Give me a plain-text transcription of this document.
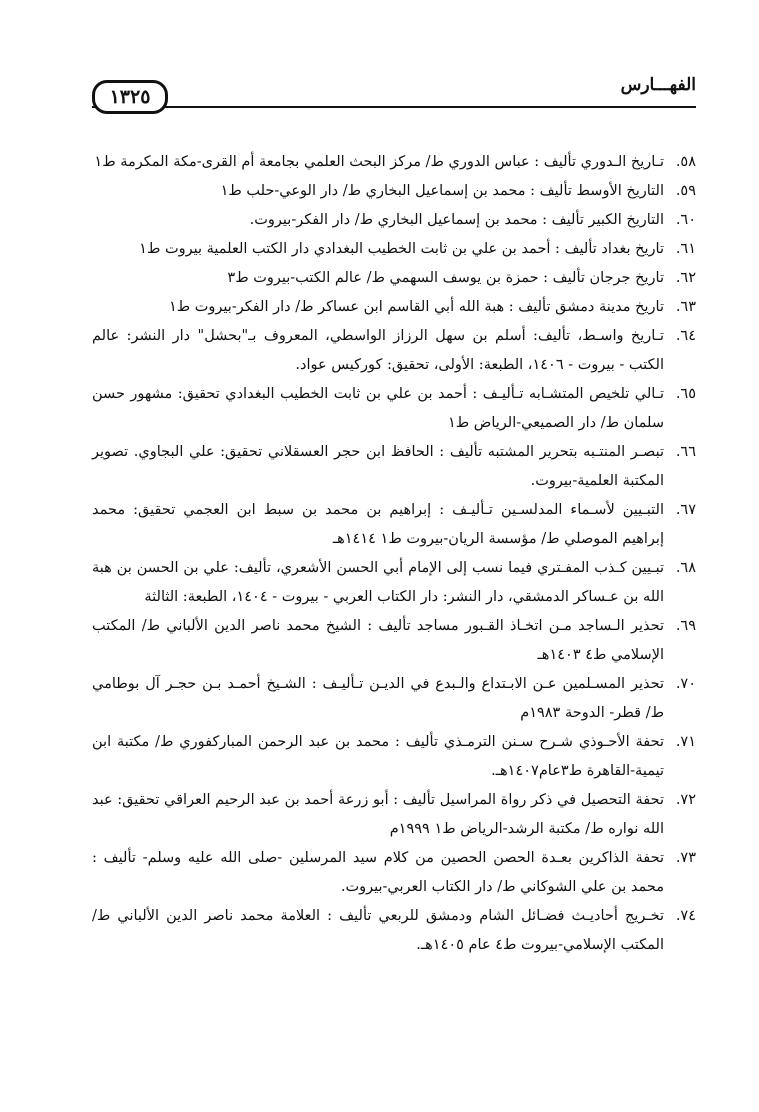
الفهـــارس
١٣٢٥
٥٨.
تـاريخ الـدوري تأليف : عباس الدوري ط/ مركز البحث العلمي بجامعة أم القرى-مكة المكرمة ط١
٥٩.
التاريخ الأوسط تأليف : محمد بن إسماعيل البخاري ط/ دار الوعي-حلب ط١
٦٠.
التاريخ الكبير تأليف : محمد بن إسماعيل البخاري ط/ دار الفكر-بيروت.
٦١.
تاريخ بغداد تأليف : أحمد بن علي بن ثابت الخطيب البغدادي دار الكتب العلمية بيروت ط١
٦٢.
تاريخ جرجان تأليف : حمزة بن يوسف السهمي ط/ عالم الكتب-بيروت ط٣
٦٣.
تاريخ مدينة دمشق تأليف : هبة الله أبي القاسم ابن عساكر ط/ دار الفكر-بيروت ط١
٦٤.
تـاريخ واسـط، تأليف: أسلم بن سهل الرزاز الواسطي، المعروف بـ"بحشل" دار النشر: عالم الكتب - بيروت - ١٤٠٦، الطبعة: الأولى، تحقيق: كوركيس عواد.
٦٥.
تـالي تلخيص المتشـابه تـأليـف : أحمد بن علي بن ثابت الخطيب البغدادي تحقيق: مشهور حسن سلمان ط/ دار الصميعي-الرياض ط١
٦٦.
تبصـر المنتـبه بتحرير المشتبه تأليف : الحافظ ابن حجر العسقلاني تحقيق: علي البجاوي. تصوير المكتبة العلمية-بيروت.
٦٧.
التبـيين لأسـماء المدلسـين تـأليـف : إبراهيم بن محمد بن سبط ابن العجمي تحقيق: محمد إبراهيم الموصلي ط/ مؤسسة الريان-بيروت ط١ ١٤١٤هـ
٦٨.
تبـيين كـذب المفـتري فيما نسب إلى الإمام أبي الحسن الأشعري، تأليف: علي بن الحسن بن هبة الله بن عـساكر الدمشقي، دار النشر: دار الكتاب العربي - بيروت - ١٤٠٤، الطبعة: الثالثة
٦٩.
تحذير الـساجد مـن اتخـاذ القـبور مساجد تأليف : الشيخ محمد ناصر الدين الألباني ط/ المكتب الإسلامي ط٤ ١٤٠٣هـ
٧٠.
تحذير المسـلمين عـن الابـتداع والـبدع في الديـن تـأليـف : الشـيخ أحمـد بـن حجـر آل بوطامي ط/ قطر- الدوحة ١٩٨٣م
٧١.
تحفة الأحـوذي شـرح سـنن الترمـذي تأليف : محمد بن عبد الرحمن المباركفوري ط/ مكتبة ابن تيمية-القاهرة ط٣عام١٤٠٧هـ.
٧٢.
تحفة التحصيل في ذكر رواة المراسيل تأليف : أبو زرعة أحمد بن عبد الرحيم العراقي تحقيق: عبد الله نواره ط/ مكتبة الرشد-الرياض ط١ ١٩٩٩م
٧٣.
تحفة الذاكرين بعـدة الحصن الحصين من كلام سيد المرسلين -صلى الله عليه وسلم- تأليف : محمد بن علي الشوكاني ط/ دار الكتاب العربي-بيروت.
٧٤.
تخـريج أحاديـث فضـائل الشام ودمشق للربعي تأليف : العلامة محمد ناصر الدين الألباني ط/ المكتب الإسلامي-بيروت ط٤ عام ١٤٠٥هـ.
